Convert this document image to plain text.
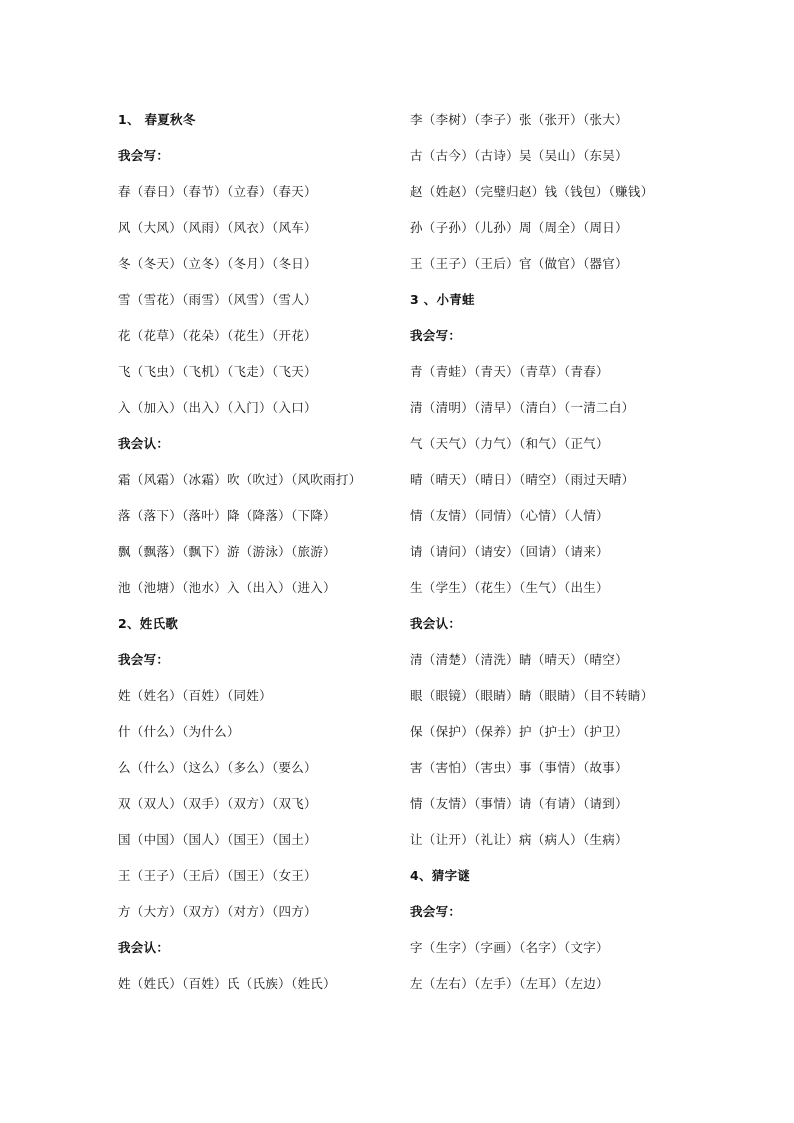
1、 春夏秋冬
我会写：
春（春日）（春节）（立春）（春天）
风（大风）（风雨）（风衣）（风车）
冬（冬天）（立冬）（冬月）（冬日）
雪（雪花）（雨雪）（风雪）（雪人）
花（花草）（花朵）（花生）（开花）
飞（飞虫）（飞机）（飞走）（飞天）
入（加入）（出入）（入门）（入口）
我会认：
霜（风霜）（冰霜）吹（吹过）（风吹雨打）
落（落下）（落叶）降（降落）（下降）
飘（飘落）（飘下）游（游泳）（旅游）
池（池塘）（池水）入（出入）（进入）
2、姓氏歌
我会写：
姓（姓名）（百姓）（同姓）
什（什么）（为什么）
么（什么）（这么）（多么）（要么）
双（双人）（双手）（双方）（双飞）
国（中国）（国人）（国王）（国土）
王（王子）（王后）（国王）（女王）
方（大方）（双方）（对方）（四方）
我会认：
姓（姓氏）（百姓）氏（氏族）（姓氏）
李（李树）（李子）张（张开）（张大）
古（古今）（古诗）吴（吴山）（东吴）
赵（姓赵）（完璧归赵）钱（钱包）（赚钱）
孙（子孙）（儿孙）周（周全）（周日）
王（王子）（王后）官（做官）（器官）
3 、小青蛙
我会写：
青（青蛙）（青天）（青草）（青春）
清（清明）（清早）（清白）（一清二白）
气（天气）（力气）（和气）（正气）
晴（晴天）（晴日）（晴空）（雨过天晴）
情（友情）（同情）（心情）（人情）
请（请问）（请安）（回请）（请来）
生（学生）（花生）（生气）（出生）
我会认：
清（清楚）（清洗）睛（晴天）（晴空）
眼（眼镜）（眼睛）睛（眼睛）（目不转睛）
保（保护）（保养）护（护士）（护卫）
害（害怕）（害虫）事（事情）（故事）
情（友情）（事情）请（有请）（请到）
让（让开）（礼让）病（病人）（生病）
4、猜字谜
我会写：
字（生字）（字画）（名字）（文字）
左（左右）（左手）（左耳）（左边）
